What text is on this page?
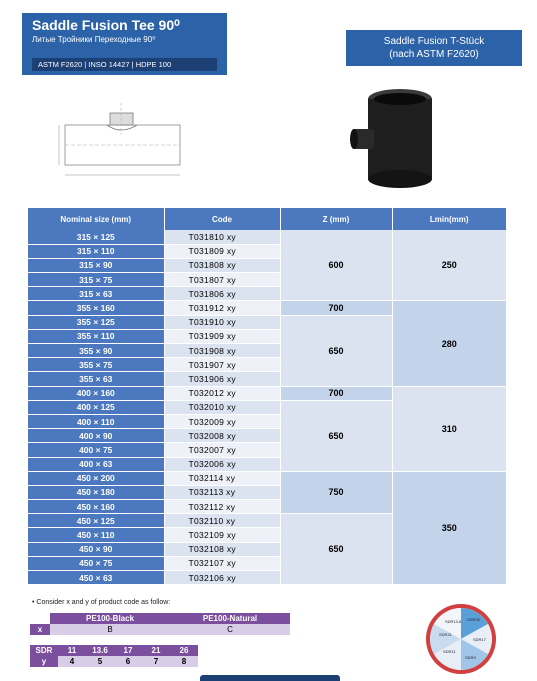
Saddle Fusion Tee 90⁰
Литые Тройники Переходные 90⁰
ASTM F2620 | INSO 14427 | HDPE 100
Saddle Fusion T-Stück
(nach ASTM F2620)
Nominal size (mm)	Code	Z (mm)	Lmin(mm)
315 × 125	T031810 xy	600	250
315 × 110	T031809 xy		
315 × 90	T031808 xy		
315 × 75	T031807 xy		
315 × 63	T031806 xy		
355 × 160	T031912 xy	700	280
355 × 125	T031910 xy	650	
355 × 110	T031909 xy		
355 × 90	T031908 xy		
355 × 75	T031907 xy		
355 × 63	T031906 xy		
400 × 160	T032012 xy	700	310
400 × 125	T032010 xy	650	
400 × 110	T032009 xy		
400 × 90	T032008 xy		
400 × 75	T032007 xy		
400 × 63	T032006 xy		
450 × 200	T032114 xy	750	350
450 × 180	T032113 xy		
450 × 160	T032112 xy		
450 × 125	T032110 xy	650	
450 × 110	T032109 xy		
450 × 90	T032108 xy		
450 × 75	T032107 xy		
450 × 63	T032106 xy		
• Consider x and y of product code as follow:
	PE100-Black	PE100-Natural
x	B	C
SDR	11	13.6	17	21	26
y	4	5	6	7	8
SDR13.6 SDR26
SDR21
SDR17
SDR11
SDR9
